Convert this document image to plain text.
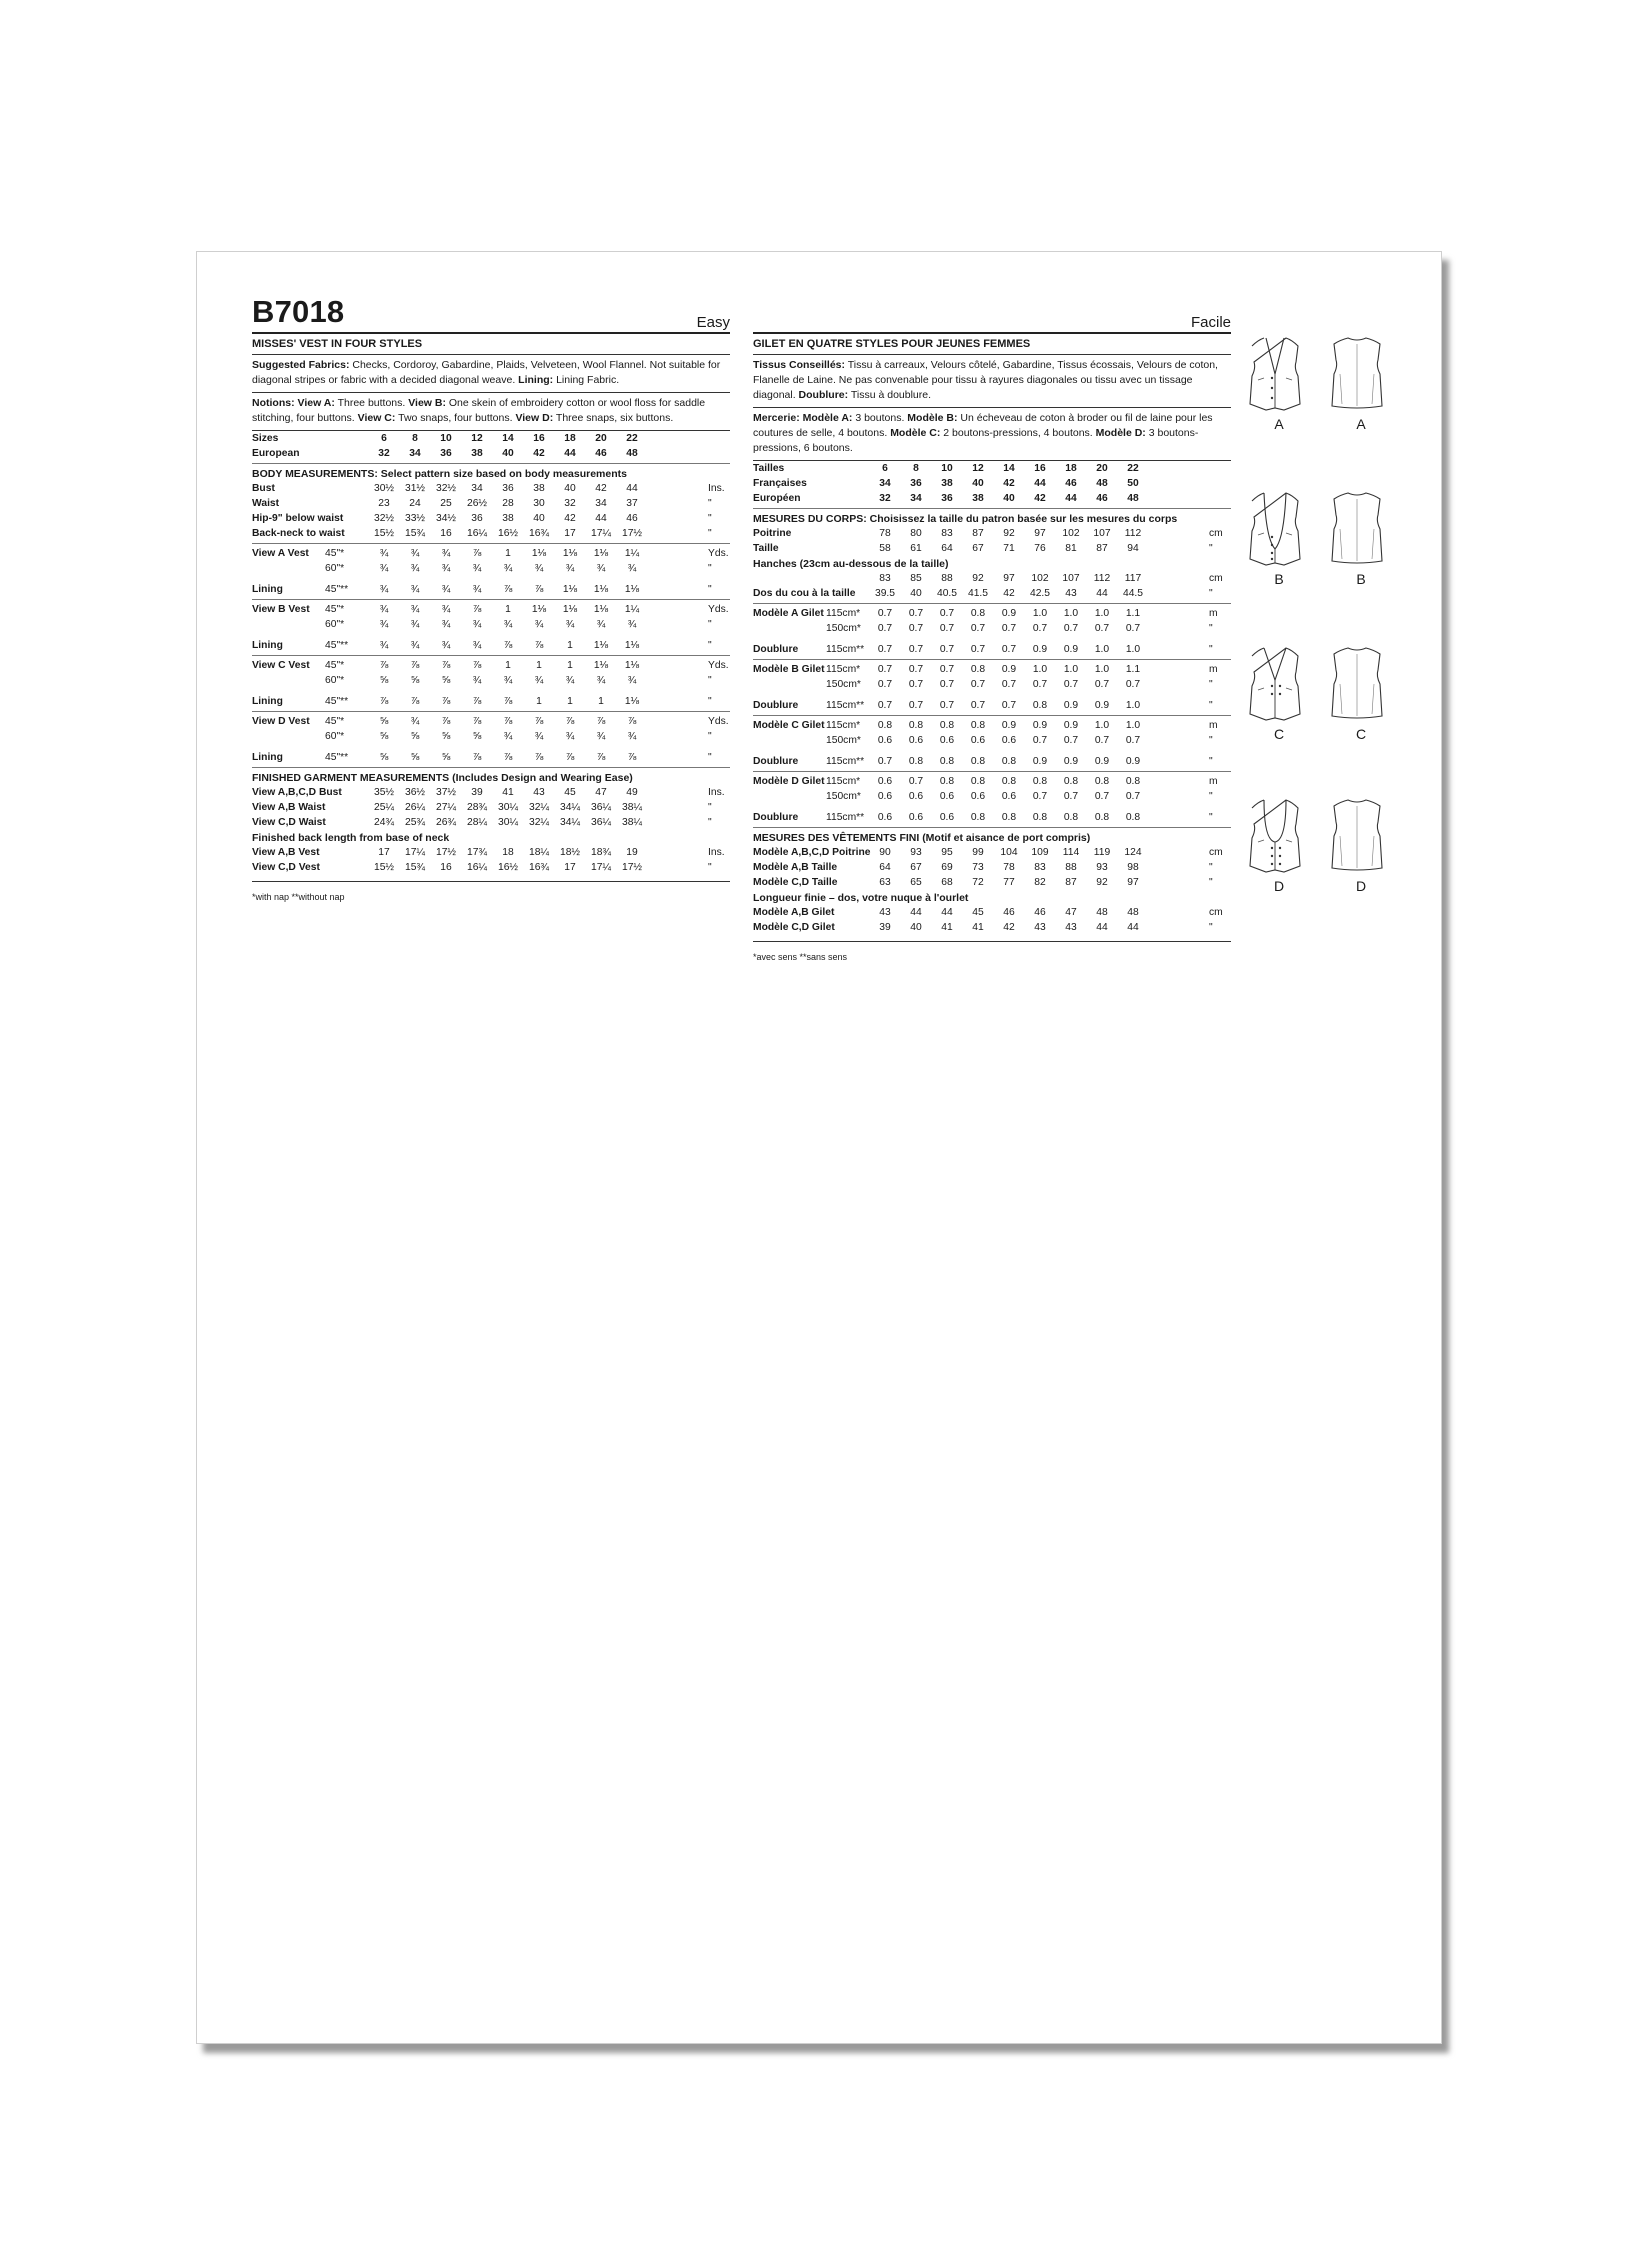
B7018	Easy
MISSES' VEST IN FOUR STYLES
Suggested Fabrics: Checks, Cordoroy, Gabardine, Plaids, Velveteen, Wool Flannel. Not suitable for diagonal stripes or fabric with a decided diagonal weave. Lining: Lining Fabric.
Notions: View A: Three buttons. View B: One skein of embroidery cotton or wool floss for saddle stitching, four buttons. View C: Two snaps, four buttons. View D: Three snaps, six buttons.
Sizes	6	8	10	12	14	16	18	20	22
European	32	34	36	38	40	42	44	46	48
BODY MEASUREMENTS: Select pattern size based on body measurements
Bust	30½	31½	32½	34	36	38	40	42	44	Ins.
Waist	23	24	25	26½	28	30	32	34	37	"
Hip-9" below waist	32½	33½	34½	36	38	40	42	44	46	"
Back-neck to waist	15½	15¾	16	16¼	16½	16¾	17	17¼	17½	"
View A Vest 45"*	¾	¾	¾	⅞	1	1⅛	1⅛	1⅛	1¼	Yds.
60"*	¾	¾	¾	¾	¾	¾	¾	¾	¾	"
Lining	45"**	¾	¾	¾	¾	⅞	⅞	1⅛	1⅛	1⅛	"
View B Vest 45"*	¾	¾	¾	⅞	1	1⅛	1⅛	1⅛	1¼	Yds.
60"*	¾	¾	¾	¾	¾	¾	¾	¾	¾	"
Lining	45"**	¾	¾	¾	¾	⅞	⅞	1	1⅛	1⅛	"
View C Vest 45"*	⅞	⅞	⅞	⅞	1	1	1	1⅛	1⅛	Yds.
60"*	⅝	⅝	⅝	¾	¾	¾	¾	¾	¾	"
Lining	45"**	⅞	⅞	⅞	⅞	⅞	1	1	1	1⅛	"
View D Vest 45"*	⅝	¾	⅞	⅞	⅞	⅞	⅞	⅞	⅞	Yds.
60"*	⅝	⅝	⅝	⅝	¾	¾	¾	¾	¾	"
Lining	45"**	⅝	⅝	⅝	⅞	⅞	⅞	⅞	⅞	⅞	"
FINISHED GARMENT MEASUREMENTS (Includes Design and Wearing Ease)
View A,B,C,D Bust	35½	36½	37½	39	41	43	45	47	49	Ins.
View A,B Waist	25¼	26¼	27¼	28¾	30¼	32¼	34¼	36¼	38¼	"
View C,D Waist	24¾	25¾	26¾	28¼	30¼	32¼	34¼	36¼	38¼	"
Finished back length from base of neck
View A,B Vest	17	17¼	17½	17¾	18	18¼	18½	18¾	19	Ins.
View C,D Vest	15½	15¾	16	16¼	16½	16¾	17	17¼	17½	"
*with nap **without nap
Facile
GILET EN QUATRE STYLES POUR JEUNES FEMMES
Tissus Conseillés: Tissu à carreaux, Velours côtelé, Gabardine, Tissus écossais, Velours de coton, Flanelle de Laine. Ne pas convenable pour tissu à rayures diagonales ou tissu avec un tissage diagonal. Doublure: Tissu à doublure.
Mercerie: Modèle A: 3 boutons. Modèle B: Un écheveau de coton à broder ou fil de laine pour les coutures de selle, 4 boutons. Modèle C: 2 boutons-pressions, 4 boutons. Modèle D: 3 boutons-pressions, 6 boutons.
Tailles	6	8	10	12	14	16	18	20	22
Françaises	34	36	38	40	42	44	46	48	50
Européen	32	34	36	38	40	42	44	46	48
MESURES DU CORPS: Choisissez la taille du patron basée sur les mesures du corps
Poitrine	78	80	83	87	92	97	102	107	112	cm
Taille	58	61	64	67	71	76	81	87	94	"
Hanches (23cm au-dessous de la taille)
83	85	88	92	97	102	107	112	117	cm
Dos du cou à la taille	39.5	40	40.5	41.5	42	42.5	43	44	44.5	"
Modèle A Gilet 115cm*	0.7	0.7	0.7	0.8	0.9	1.0	1.0	1.0	1.1	m
150cm*	0.7	0.7	0.7	0.7	0.7	0.7	0.7	0.7	0.7	"
Doublure	115cm**	0.7	0.7	0.7	0.7	0.7	0.9	0.9	1.0	1.0	"
Modèle B Gilet 115cm*	0.7	0.7	0.7	0.8	0.9	1.0	1.0	1.0	1.1	m
150cm*	0.7	0.7	0.7	0.7	0.7	0.7	0.7	0.7	0.7	"
Doublure	115cm**	0.7	0.7	0.7	0.7	0.7	0.8	0.9	0.9	1.0	"
Modèle C Gilet 115cm*	0.8	0.8	0.8	0.8	0.9	0.9	0.9	1.0	1.0	m
150cm*	0.6	0.6	0.6	0.6	0.6	0.7	0.7	0.7	0.7	"
Doublure	115cm**	0.7	0.8	0.8	0.8	0.8	0.9	0.9	0.9	0.9	"
Modèle D Gilet 115cm*	0.6	0.7	0.8	0.8	0.8	0.8	0.8	0.8	0.8	m
150cm*	0.6	0.6	0.6	0.6	0.6	0.7	0.7	0.7	0.7	"
Doublure	115cm**	0.6	0.6	0.6	0.8	0.8	0.8	0.8	0.8	0.8	"
MESURES DES VÊTEMENTS FINI (Motif et aisance de port compris)
Modèle A,B,C,D Poitrine 90	93	95	99	104	109	114	119	124	cm
Modèle A,B Taille	64	67	69	73	78	83	88	93	98	"
Modèle C,D Taille	63	65	68	72	77	82	87	92	97	"
Longueur finie – dos, votre nuque à l'ourlet
Modèle A,B Gilet	43	44	44	45	46	46	47	48	48	cm
Modèle C,D Gilet	39	40	41	41	42	43	43	44	44	"
*avec sens **sans sens
A	A
B	B
C	C
D	D
